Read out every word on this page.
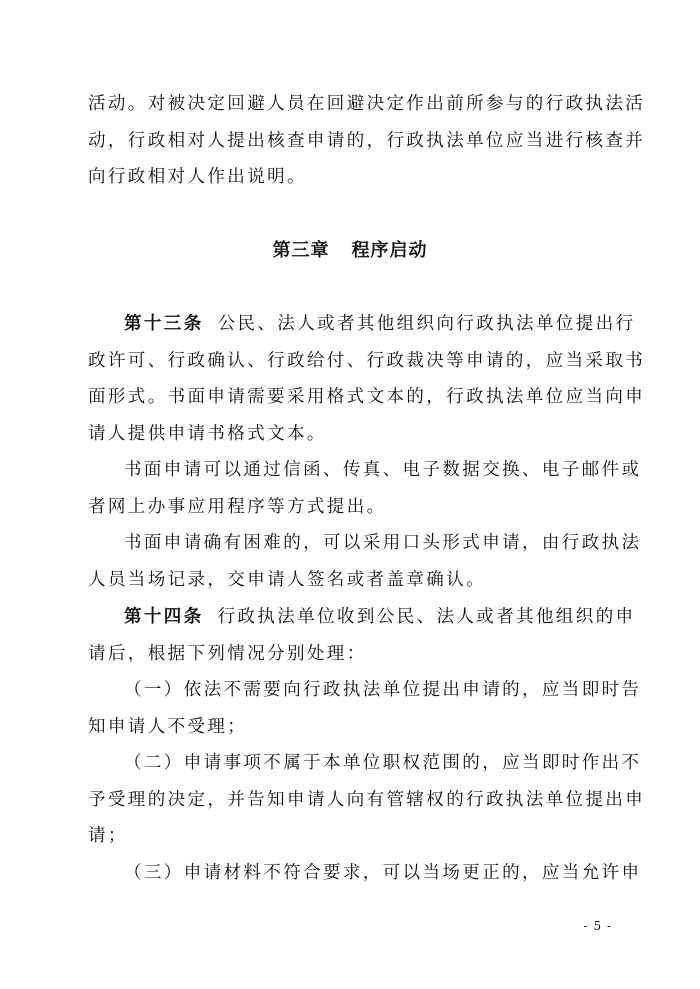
活动。对被决定回避人员在回避决定作出前所参与的行政执法活
动，行政相对人提出核查申请的，行政执法单位应当进行核查并
向行政相对人作出说明。
第三章 程序启动
第十三条 公民、法人或者其他组织向行政执法单位提出行
政许可、行政确认、行政给付、行政裁决等申请的，应当采取书
面形式。书面申请需要采用格式文本的，行政执法单位应当向申
请人提供申请书格式文本。
书面申请可以通过信函、传真、电子数据交换、电子邮件或
者网上办事应用程序等方式提出。
书面申请确有困难的，可以采用口头形式申请，由行政执法
人员当场记录，交申请人签名或者盖章确认。
第十四条 行政执法单位收到公民、法人或者其他组织的申
请后，根据下列情况分别处理：
（一）依法不需要向行政执法单位提出申请的，应当即时告
知申请人不受理；
（二）申请事项不属于本单位职权范围的，应当即时作出不
予受理的决定，并告知申请人向有管辖权的行政执法单位提出申
请；
（三）申请材料不符合要求，可以当场更正的，应当允许申
- 5 -
